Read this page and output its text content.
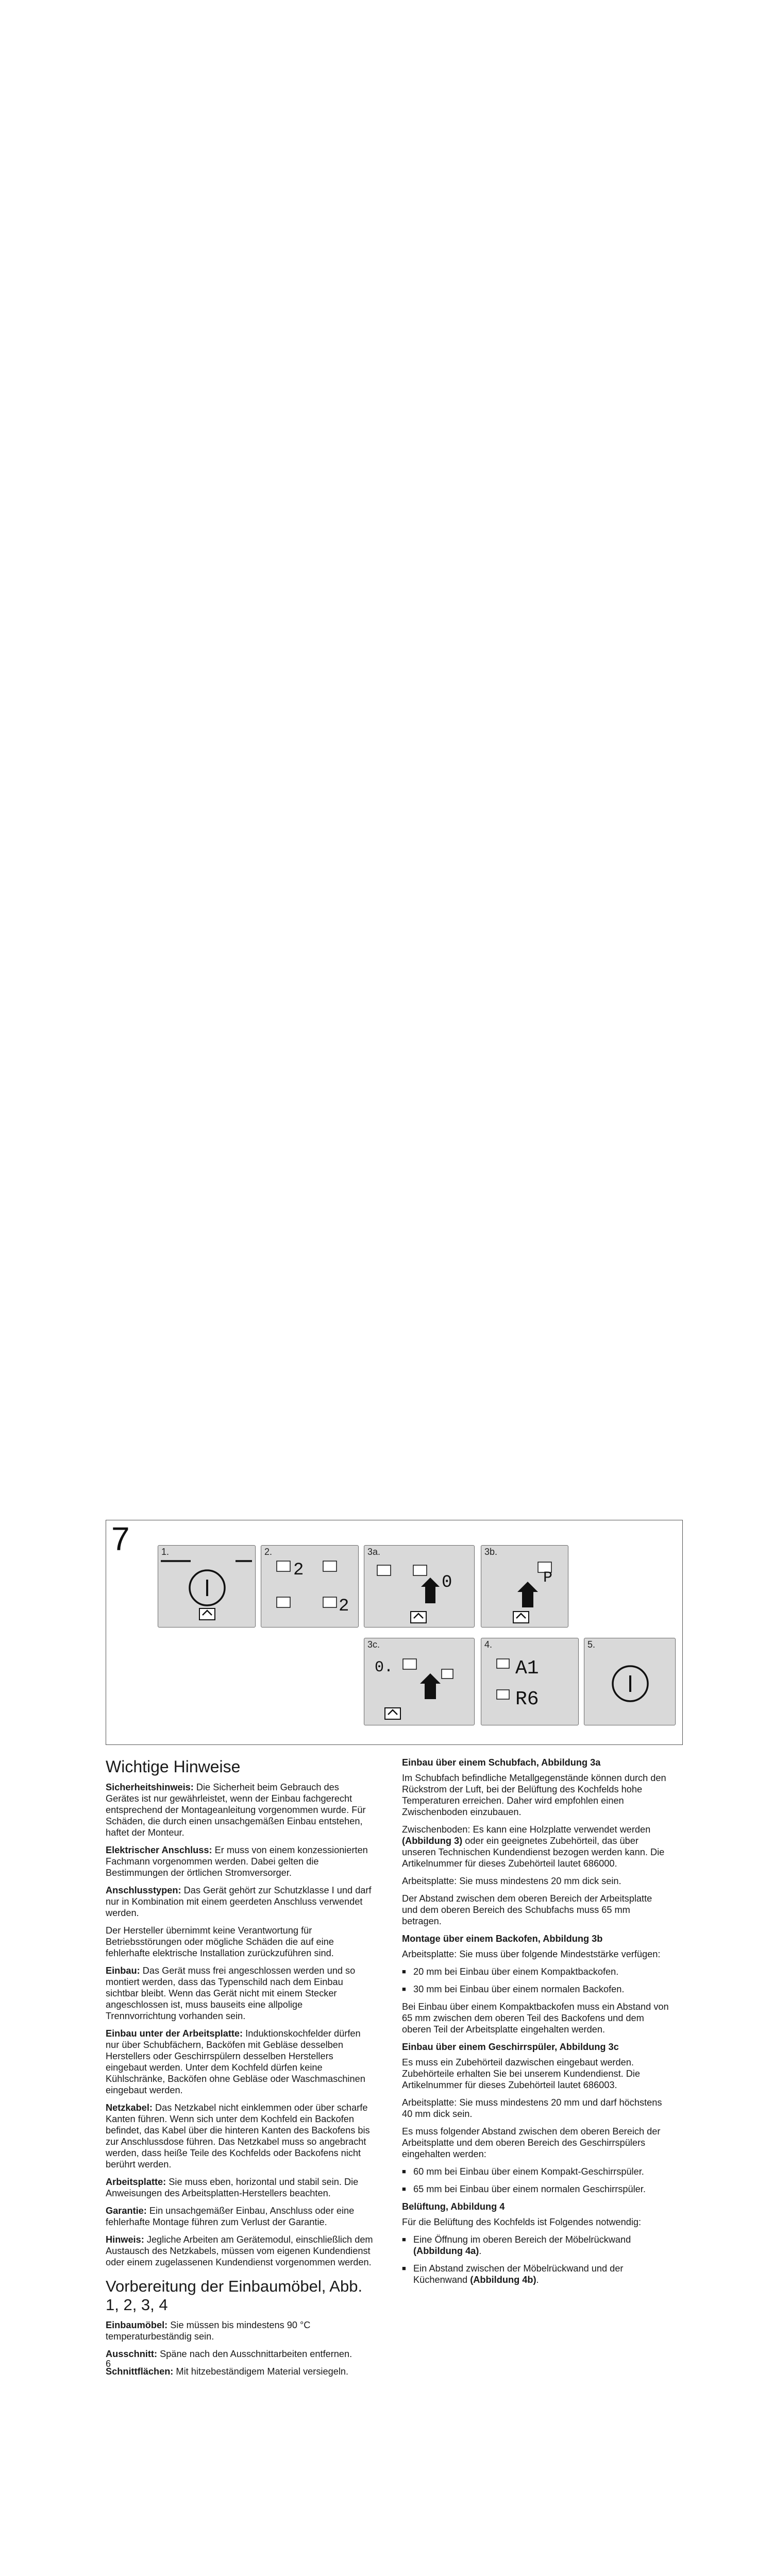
7	1.	2.
2
2
3a.
0
3b.
P
3c.
0.
4.
A1
R6
5.
Wichtige Hinweise

Sicherheitshinweis: Die Sicherheit beim Gebrauch des Gerätes ist nur gewährleistet, wenn der Einbau fachgerecht entsprechend der Montageanleitung vorgenommen wurde. Für Schäden, die durch einen unsachgemäßen Einbau entstehen, haftet der Monteur.

Elektrischer Anschluss: Er muss von einem konzessionierten Fachmann vorgenommen werden. Dabei gelten die Bestimmungen der örtlichen Stromversorger.

Anschlusstypen: Das Gerät gehört zur Schutzklasse I und darf nur in Kombination mit einem geerdeten Anschluss verwendet werden.

Der Hersteller übernimmt keine Verantwortung für Betriebsstörungen oder mögliche Schäden die auf eine fehlerhafte elektrische Installation zurückzuführen sind.

Einbau: Das Gerät muss frei angeschlossen werden und so montiert werden, dass das Typenschild nach dem Einbau sichtbar bleibt. Wenn das Gerät nicht mit einem Stecker angeschlossen ist, muss bauseits eine allpolige Trennvorrichtung vorhanden sein.

Einbau unter der Arbeitsplatte: Induktionskochfelder dürfen nur über Schubfächern, Backöfen mit Gebläse desselben Herstellers oder Geschirrspülern desselben Herstellers eingebaut werden. Unter dem Kochfeld dürfen keine Kühlschränke, Backöfen ohne Gebläse oder Waschmaschinen eingebaut werden.

Netzkabel: Das Netzkabel nicht einklemmen oder über scharfe Kanten führen. Wenn sich unter dem Kochfeld ein Backofen befindet, das Kabel über die hinteren Kanten des Backofens bis zur Anschlussdose führen. Das Netzkabel muss so angebracht werden, dass heiße Teile des Kochfelds oder Backofens nicht berührt werden.

Arbeitsplatte: Sie muss eben, horizontal und stabil sein. Die Anweisungen des Arbeitsplatten-Herstellers beachten.

Garantie: Ein unsachgemäßer Einbau, Anschluss oder eine fehlerhafte Montage führen zum Verlust der Garantie.

Hinweis: Jegliche Arbeiten am Gerätemodul, einschließlich dem Austausch des Netzkabels, müssen vom eigenen Kundendienst oder einem zugelassenen Kundendienst vorgenommen werden.

Vorbereitung der Einbaumöbel, Abb. 1, 2, 3, 4

Einbaumöbel: Sie müssen bis mindestens 90 °C temperaturbeständig sein.

Ausschnitt: Späne nach den Ausschnittarbeiten entfernen.

Schnittflächen: Mit hitzebeständigem Material versiegeln.

Einbau über einem Schubfach, Abbildung 3a

Im Schubfach befindliche Metallgegenstände können durch den Rückstrom der Luft, bei der Belüftung des Kochfelds hohe Temperaturen erreichen. Daher wird empfohlen einen Zwischenboden einzubauen.

Zwischenboden: Es kann eine Holzplatte verwendet werden (Abbildung 3) oder ein geeignetes Zubehörteil, das über unseren Technischen Kundendienst bezogen werden kann. Die Artikelnummer für dieses Zubehörteil lautet 686000.

Arbeitsplatte: Sie muss mindestens 20 mm dick sein.

Der Abstand zwischen dem oberen Bereich der Arbeitsplatte und dem oberen Bereich des Schubfachs muss 65 mm betragen.

Montage über einem Backofen, Abbildung 3b

Arbeitsplatte: Sie muss über folgende Mindeststärke verfügen:

■ 20 mm bei Einbau über einem Kompaktbackofen.
■ 30 mm bei Einbau über einem normalen Backofen.

Bei Einbau über einem Kompaktbackofen muss ein Abstand von 65 mm zwischen dem oberen Teil des Backofens und dem oberen Teil der Arbeitsplatte eingehalten werden.

Einbau über einem Geschirrspüler, Abbildung 3c

Es muss ein Zubehörteil dazwischen eingebaut werden. Zubehörteile erhalten Sie bei unserem Kundendienst. Die Artikelnummer für dieses Zubehörteil lautet 686003.

Arbeitsplatte: Sie muss mindestens 20 mm und darf höchstens 40 mm dick sein.

Es muss folgender Abstand zwischen dem oberen Bereich der Arbeitsplatte und dem oberen Bereich des Geschirrspülers eingehalten werden:

■ 60 mm bei Einbau über einem Kompakt-Geschirrspüler.
■ 65 mm bei Einbau über einem normalen Geschirrspüler.
Belüftung, Abbildung 4

Für die Belüftung des Kochfelds ist Folgendes notwendig:

■ Eine Öffnung im oberen Bereich der Möbelrückwand (Abbildung 4a).
■ Ein Abstand zwischen der Möbelrückwand und der Küchenwand (Abbildung 4b).
6
